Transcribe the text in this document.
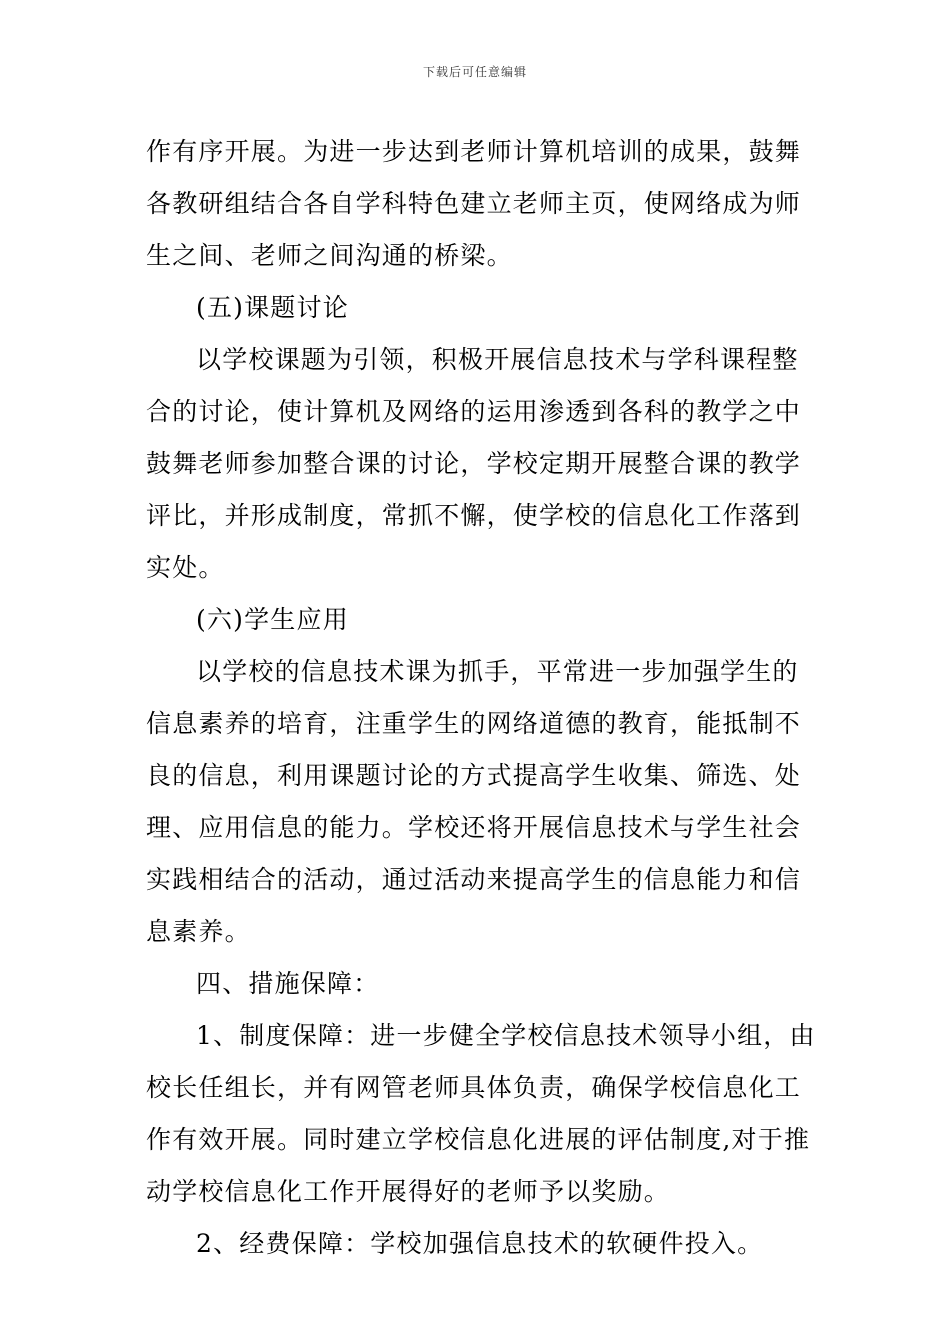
下载后可任意编辑
作有序开展。为进一步达到老师计算机培训的成果，鼓舞
各教研组结合各自学科特色建立老师主页，使网络成为师
生之间、老师之间沟通的桥梁。
(五)课题讨论
以学校课题为引领，积极开展信息技术与学科课程整
合的讨论，使计算机及网络的运用渗透到各科的教学之中
鼓舞老师参加整合课的讨论，学校定期开展整合课的教学
评比，并形成制度，常抓不懈，使学校的信息化工作落到
实处。
(六)学生应用
以学校的信息技术课为抓手，平常进一步加强学生的
信息素养的培育，注重学生的网络道德的教育，能抵制不
良的信息，利用课题讨论的方式提高学生收集、筛选、处
理、应用信息的能力。学校还将开展信息技术与学生社会
实践相结合的活动，通过活动来提高学生的信息能力和信
息素养。
四、措施保障：
1、制度保障：进一步健全学校信息技术领导小组，由
校长任组长，并有网管老师具体负责，确保学校信息化工
作有效开展。同时建立学校信息化进展的评估制度,对于推
动学校信息化工作开展得好的老师予以奖励。
2、经费保障：学校加强信息技术的软硬件投入。
